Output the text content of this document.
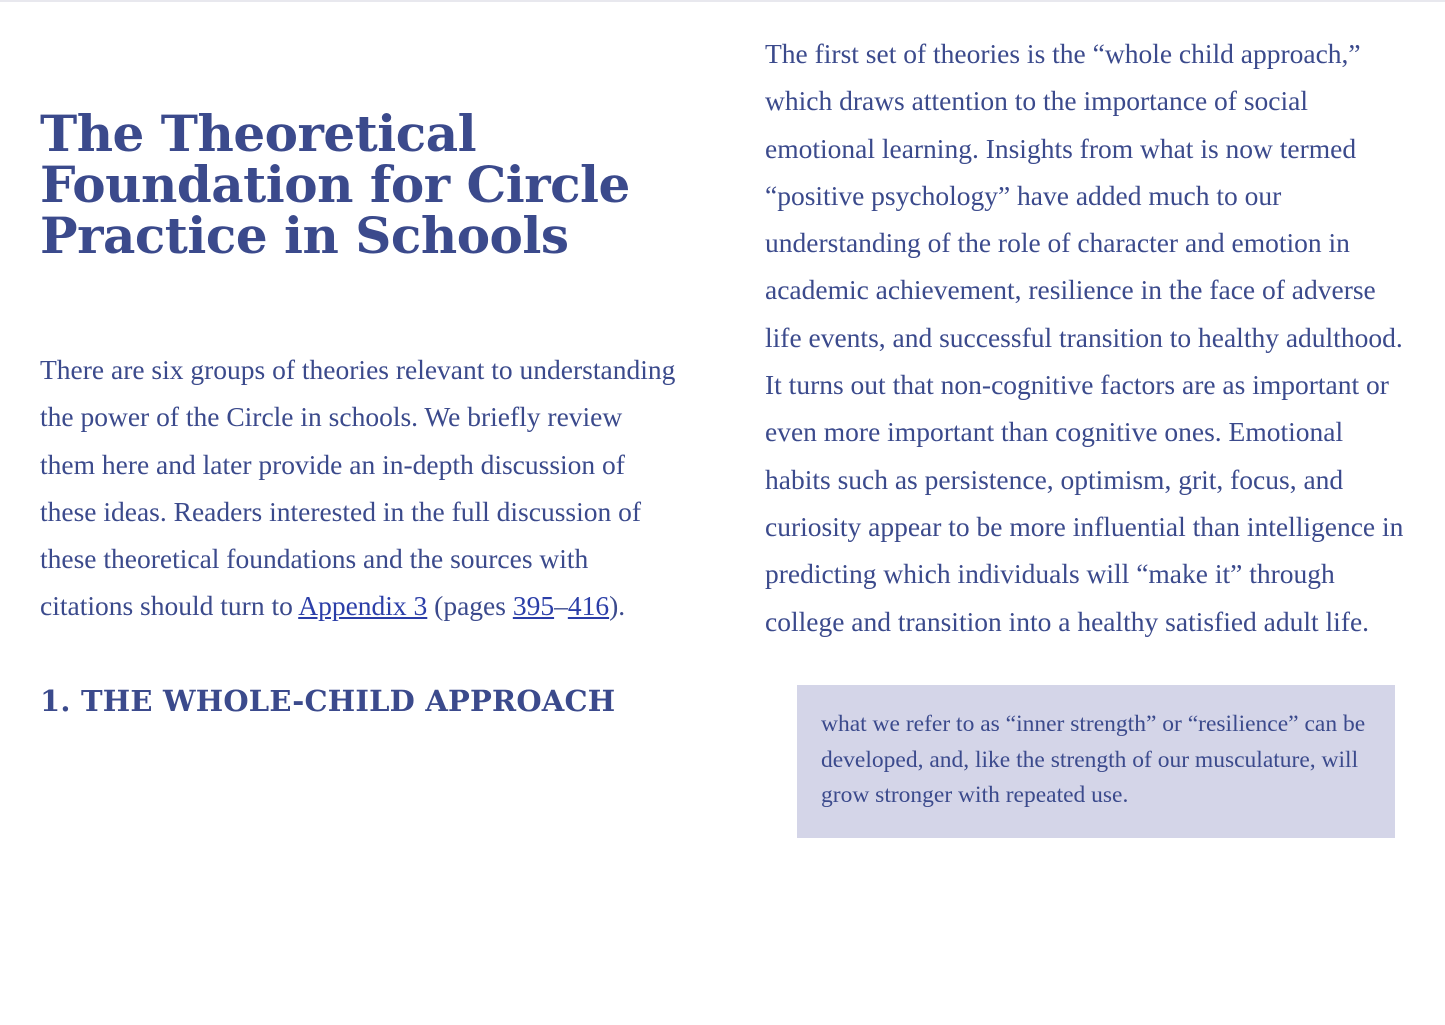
The Theoretical Foundation for Circle Practice in Schools

There are six groups of theories relevant to understanding the power of the Circle in schools. We briefly review them here and later provide an in-depth discussion of these ideas. Readers interested in the full discussion of these theoretical foundations and the sources with citations should turn to Appendix 3 (pages 395–416).

1. THE WHOLE-CHILD APPROACH

The first set of theories is the “whole child approach,” which draws attention to the importance of social emotional learning. Insights from what is now termed “positive psychology” have added much to our understanding of the role of character and emotion in academic achievement, resilience in the face of adverse life events, and successful transition to healthy adulthood. It turns out that non-cognitive factors are as important or even more important than cognitive ones. Emotional habits such as persistence, optimism, grit, focus, and curiosity appear to be more influential than intelligence in predicting which individuals will “make it” through college and transition into a healthy satisfied adult life.

what we refer to as “inner strength” or “resilience” can be developed, and, like the strength of our musculature, will grow stronger with repeated use.
